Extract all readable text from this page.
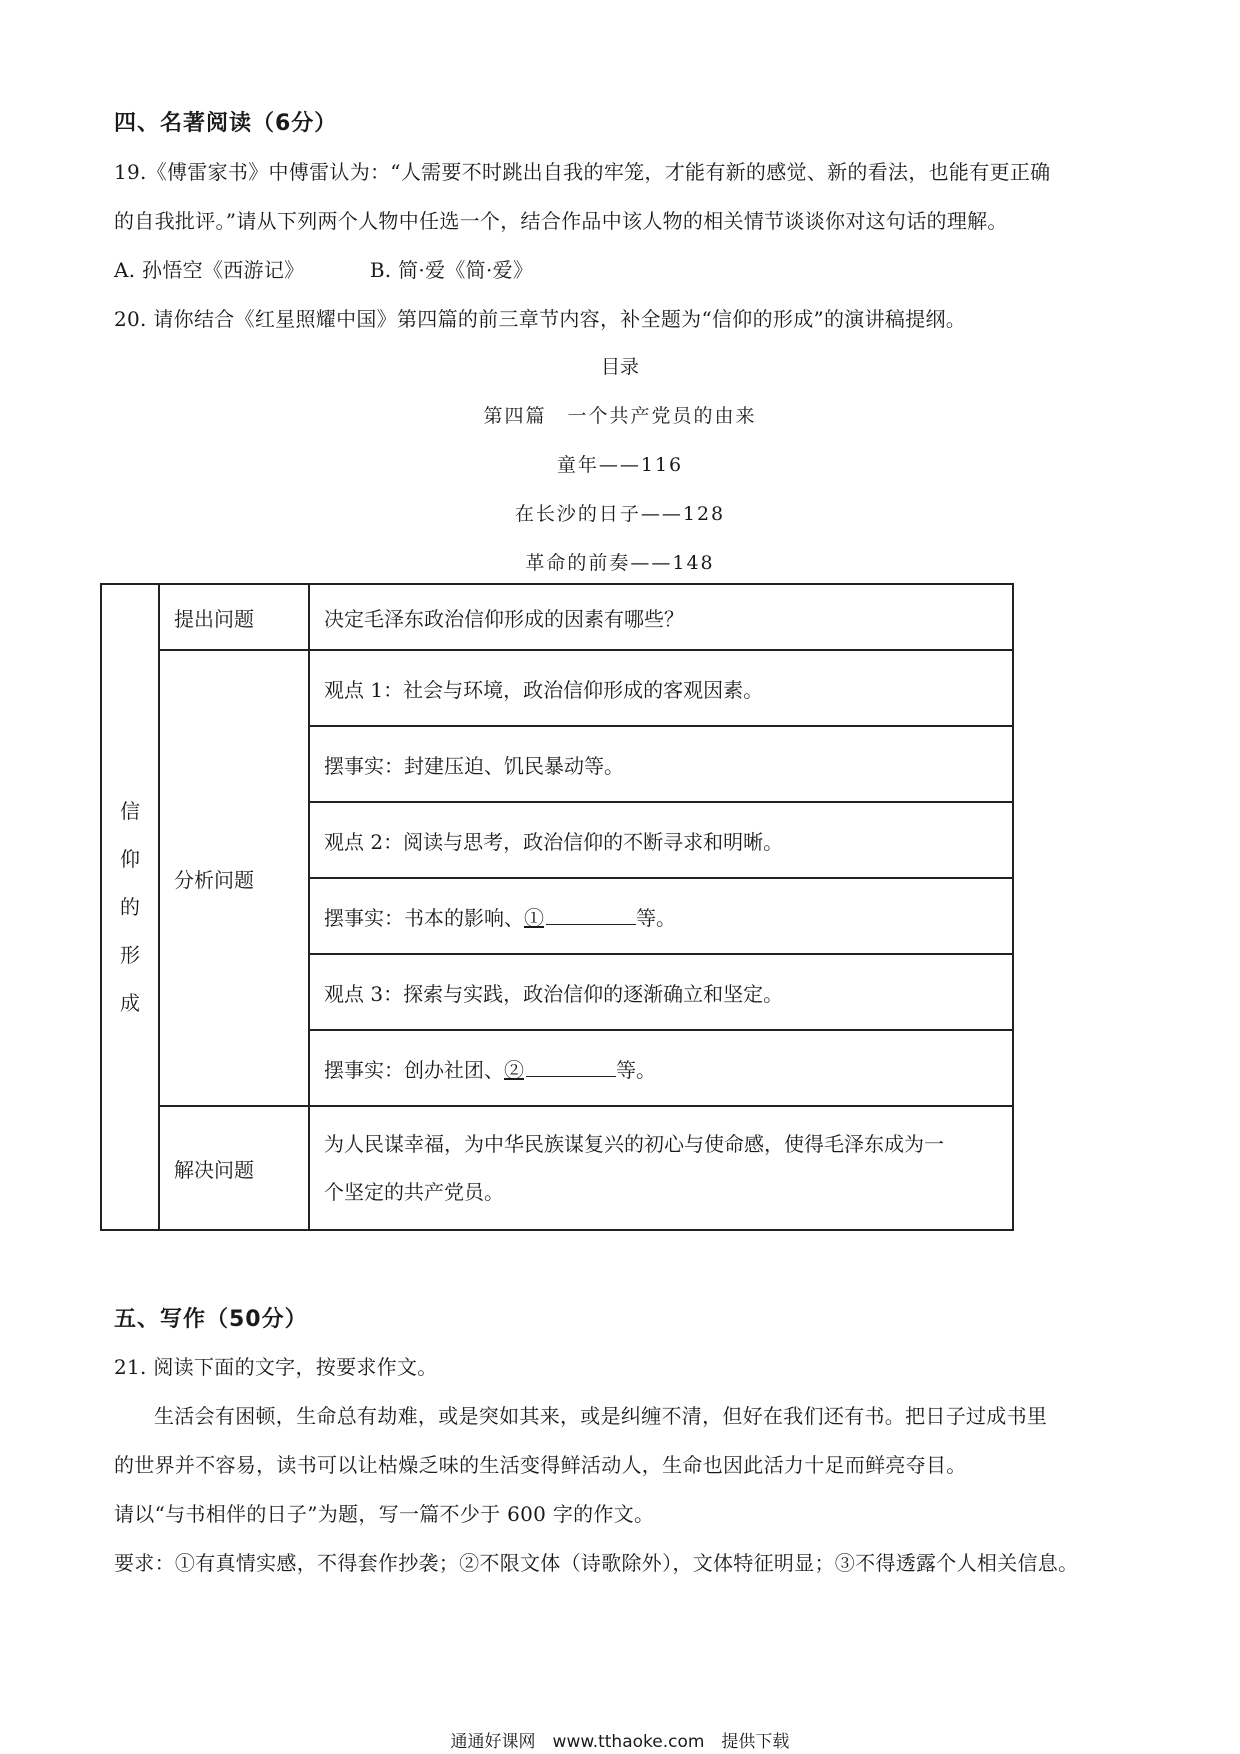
四、名著阅读（6分）
19.《傅雷家书》中傅雷认为：“人需要不时跳出自我的牢笼，才能有新的感觉、新的看法，也能有更正确
的自我批评。”请从下列两个人物中任选一个，结合作品中该人物的相关情节谈谈你对这句话的理解。
A. 孙悟空《西游记》	B. 简·爱《简·爱》
20. 请你结合《红星照耀中国》第四篇的前三章节内容，补全题为“信仰的形成”的演讲稿提纲。
目录
第四篇　一个共产党员的由来
童年——116
在长沙的日子——128
革命的前奏——148
信
仰
的
形
成	提出问题	决定毛泽东政治信仰形成的因素有哪些？
	分析问题	观点 1：社会与环境，政治信仰形成的客观因素。
		摆事实：封建压迫、饥民暴动等。
		观点 2：阅读与思考，政治信仰的不断寻求和明晰。
		摆事实：书本的影响、① 等。
		观点 3：探索与实践，政治信仰的逐渐确立和坚定。
		摆事实：创办社团、② 等。
	解决问题	为人民谋幸福，为中华民族谋复兴的初心与使命感，使得毛泽东成为一
个坚定的共产党员。
五、写作（50分）
21. 阅读下面的文字，按要求作文。
生活会有困顿，生命总有劫难，或是突如其来，或是纠缠不清，但好在我们还有书。把日子过成书里
的世界并不容易，读书可以让枯燥乏味的生活变得鲜活动人，生命也因此活力十足而鲜亮夺目。
请以“与书相伴的日子”为题，写一篇不少于 600 字的作文。
要求：①有真情实感，不得套作抄袭；②不限文体（诗歌除外），文体特征明显；③不得透露个人相关信息。
通通好课网　www.tthaoke.com　提供下载
